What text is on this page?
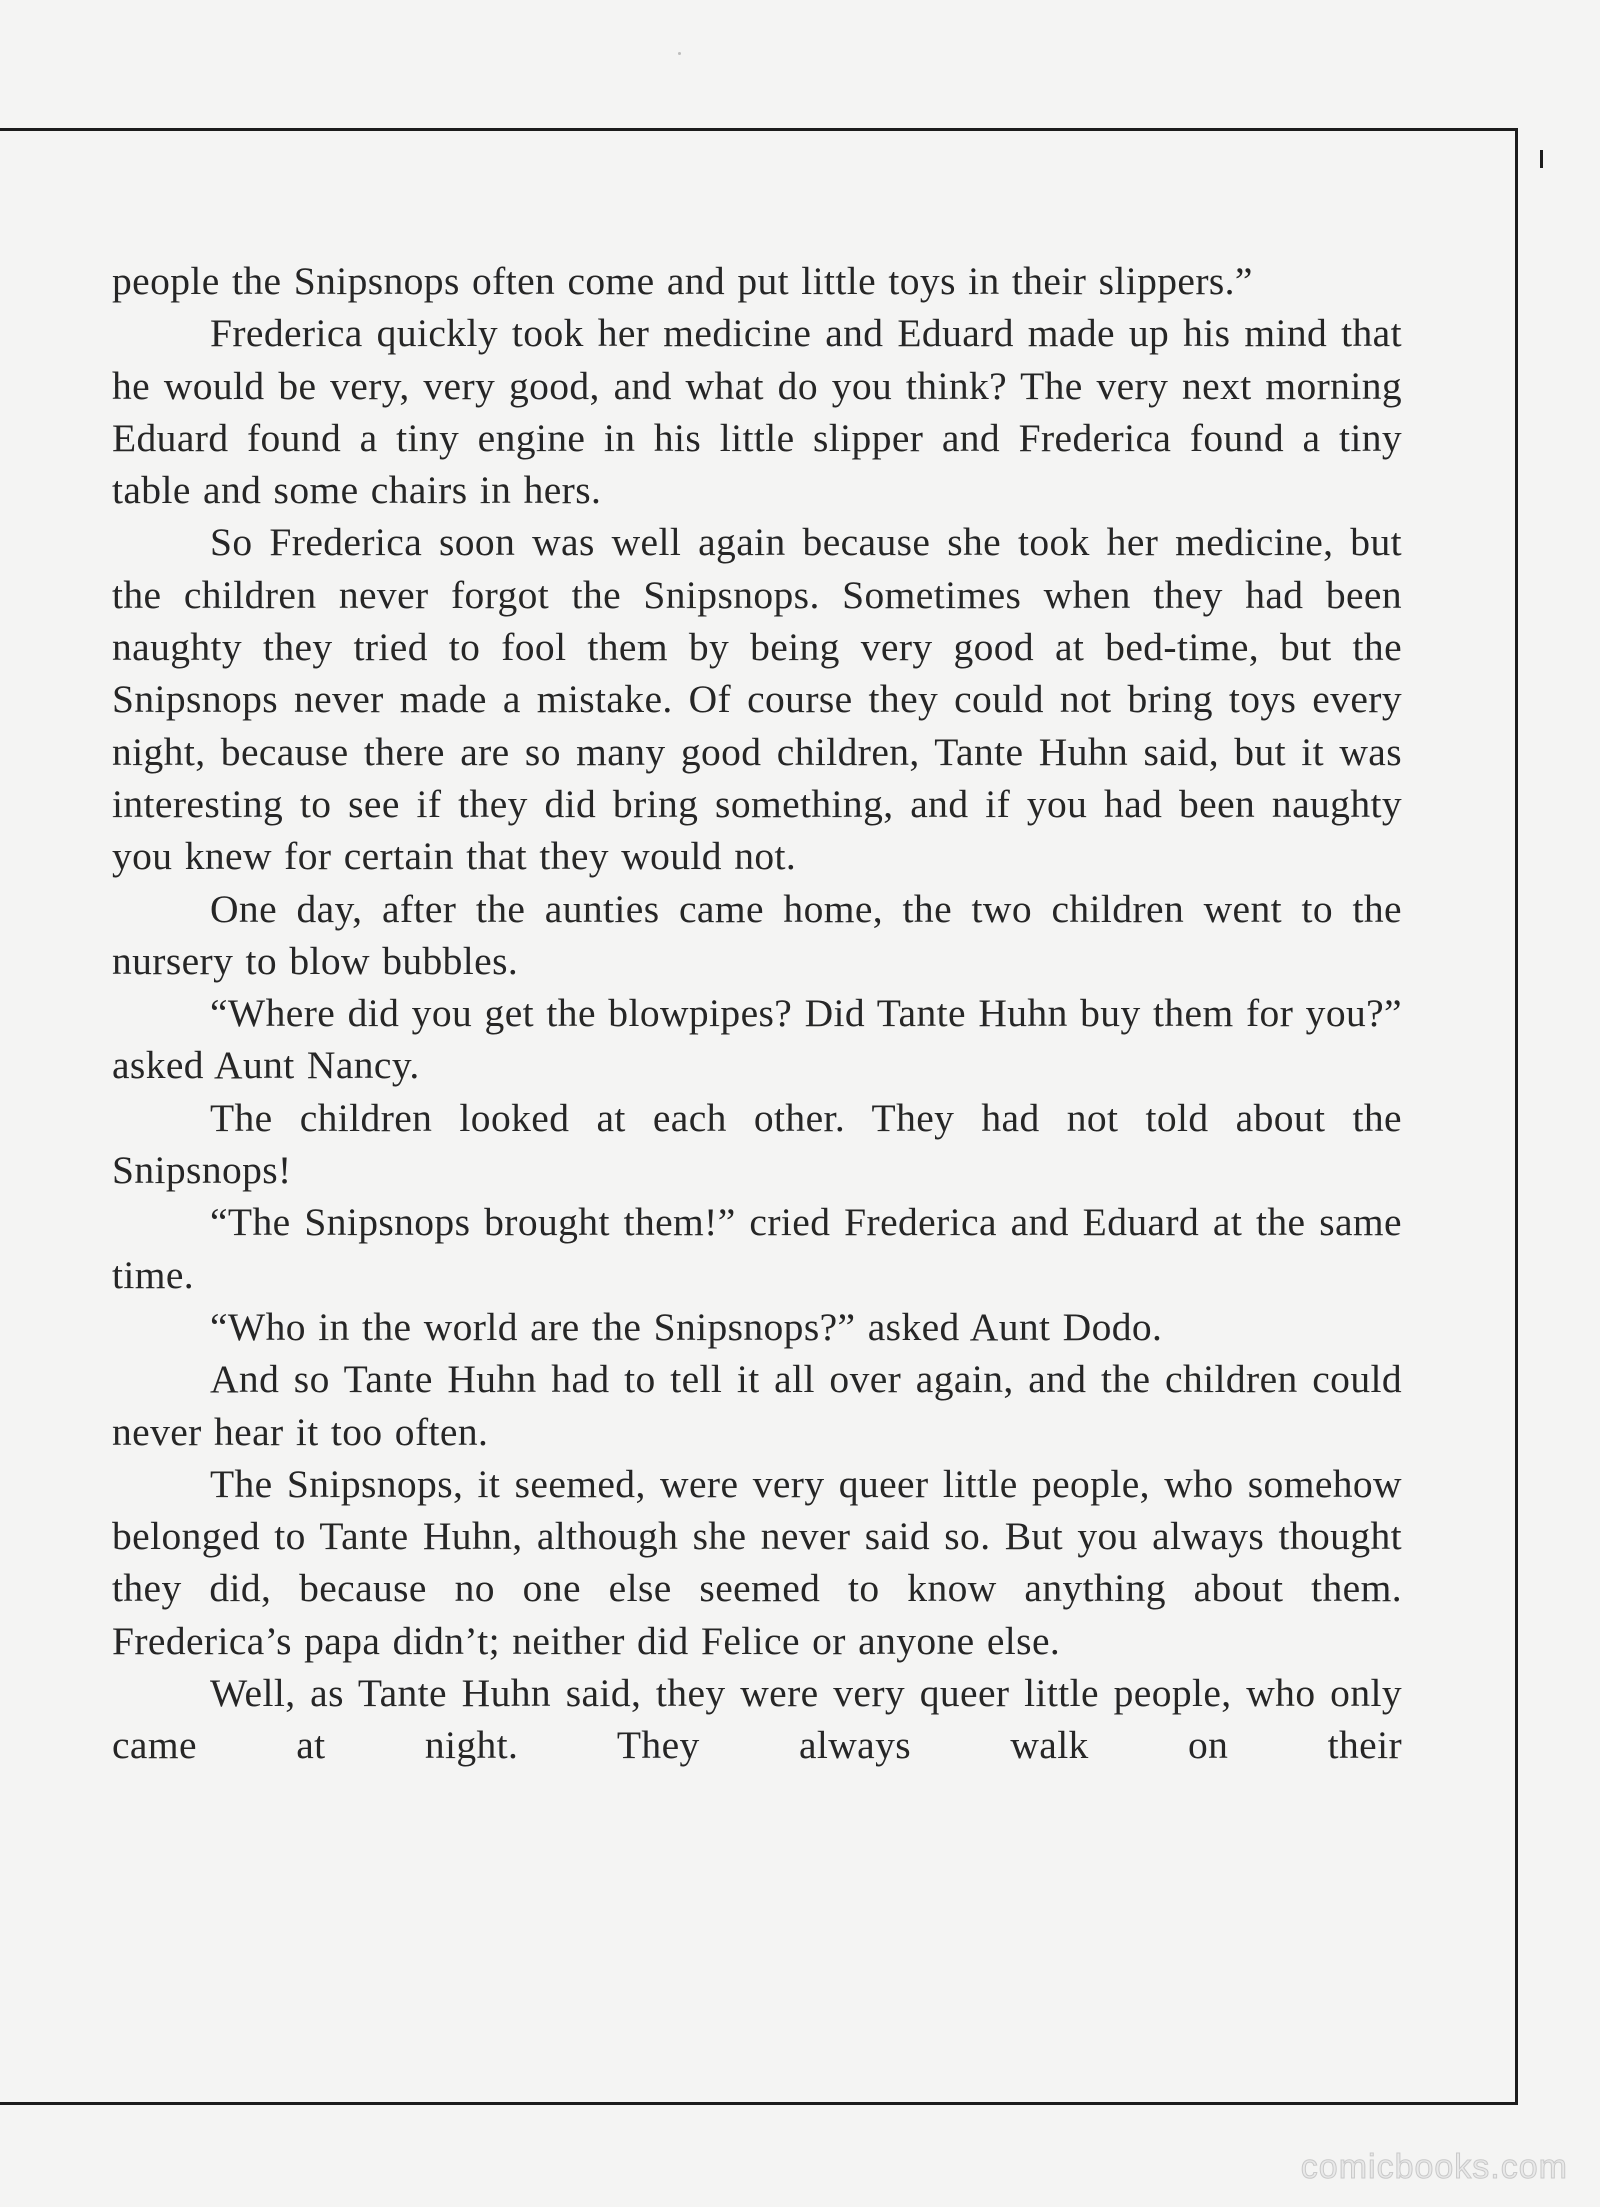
people the Snipsnops often come and put little toys in their slippers.”

Frederica quickly took her medicine and Eduard made up his mind that he would be very, very good, and what do you think? The very next morning Eduard found a tiny engine in his little slipper and Frederica found a tiny table and some chairs in hers.

So Frederica soon was well again because she took her medicine, but the children never forgot the Snipsnops. Sometimes when they had been naughty they tried to fool them by being very good at bed-time, but the Snipsnops never made a mistake. Of course they could not bring toys every night, because there are so many good children, Tante Huhn said, but it was interesting to see if they did bring something, and if you had been naughty you knew for certain that they would not.

One day, after the aunties came home, the two children went to the nursery to blow bubbles.

“Where did you get the blowpipes? Did Tante Huhn buy them for you?” asked Aunt Nancy.

The children looked at each other. They had not told about the Snipsnops!

“The Snipsnops brought them!” cried Frederica and Eduard at the same time.

“Who in the world are the Snipsnops?” asked Aunt Dodo.

And so Tante Huhn had to tell it all over again, and the children could never hear it too often.

The Snipsnops, it seemed, were very queer little people, who somehow belonged to Tante Huhn, although she never said so. But you always thought they did, because no one else seemed to know anything about them. Frederica’s papa didn’t; neither did Felice or anyone else.

Well, as Tante Huhn said, they were very queer little people, who only came at night. They always walk on their

comicbooks.com
